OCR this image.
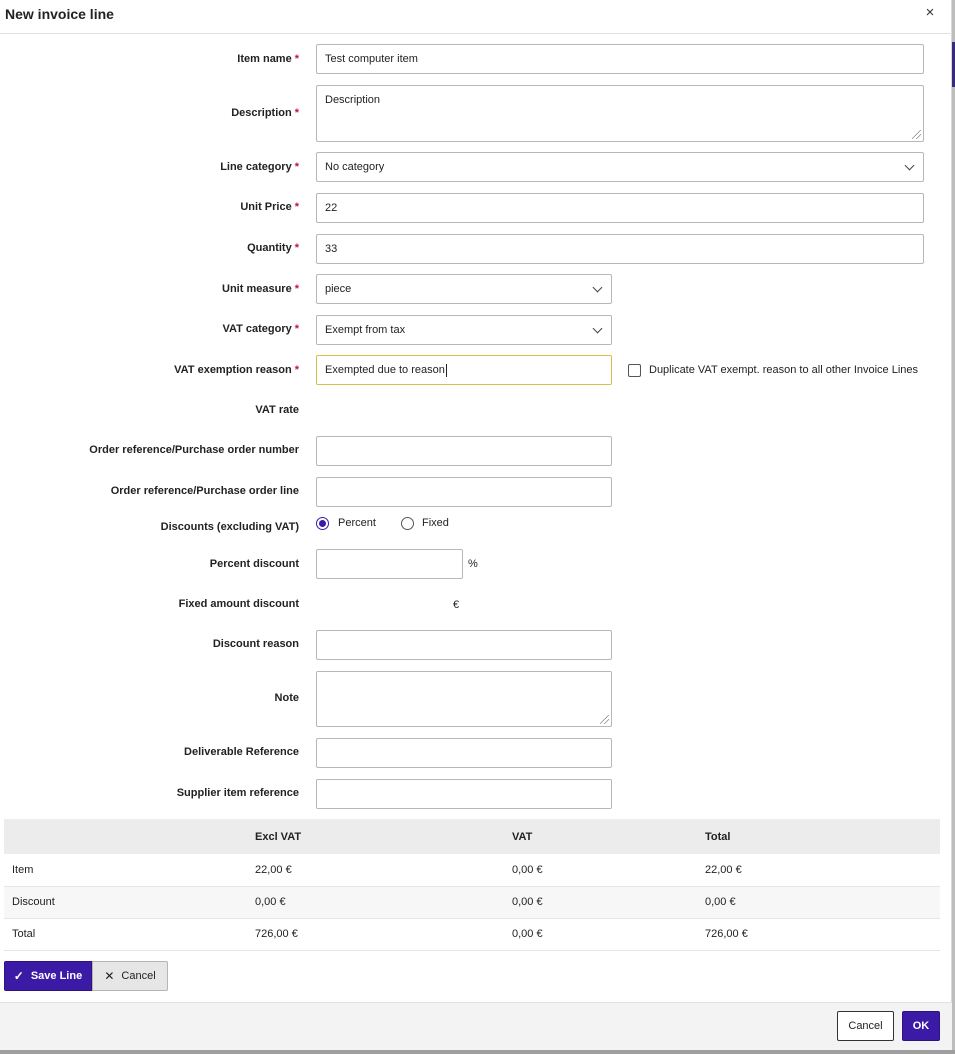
New invoice line	×
Item name *	Test computer item
Description *
Description
Line category *	No category
Unit Price *	22
Quantity *	33
Unit measure *	piece
VAT category *	Exempt from tax
VAT exemption reason *	Exempted due to reason	Duplicate VAT exempt. reason to all other Invoice Lines
VAT rate
Order reference/Purchase order number
Order reference/Purchase order line
Discounts (excluding VAT)	Percent	Fixed
Percent discount	%
Fixed amount discount	€
Discount reason
Note
Deliverable Reference
Supplier item reference
	Excl VAT	VAT	Total
Item	22,00 €	0,00 €	22,00 €
Discount	0,00 €	0,00 €	0,00 €
Total	726,00 €	0,00 €	726,00 €
✓ Save Line ✕ Cancel
Cancel	OK
